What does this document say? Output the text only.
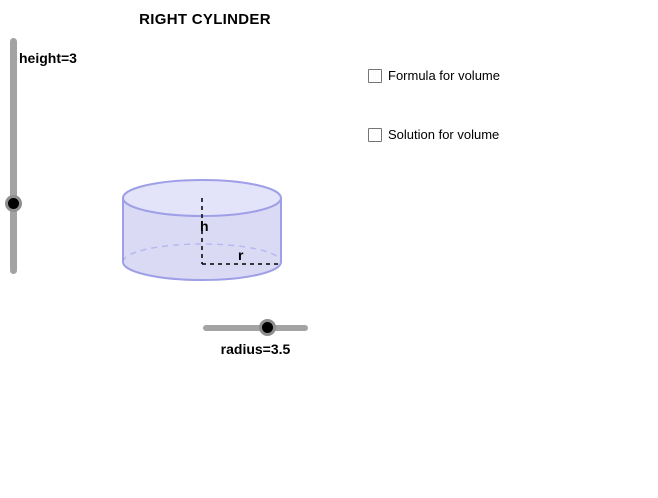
RIGHT CYLINDER
height=3
h
r
Formula for volume
Solution for volume
radius=3.5
